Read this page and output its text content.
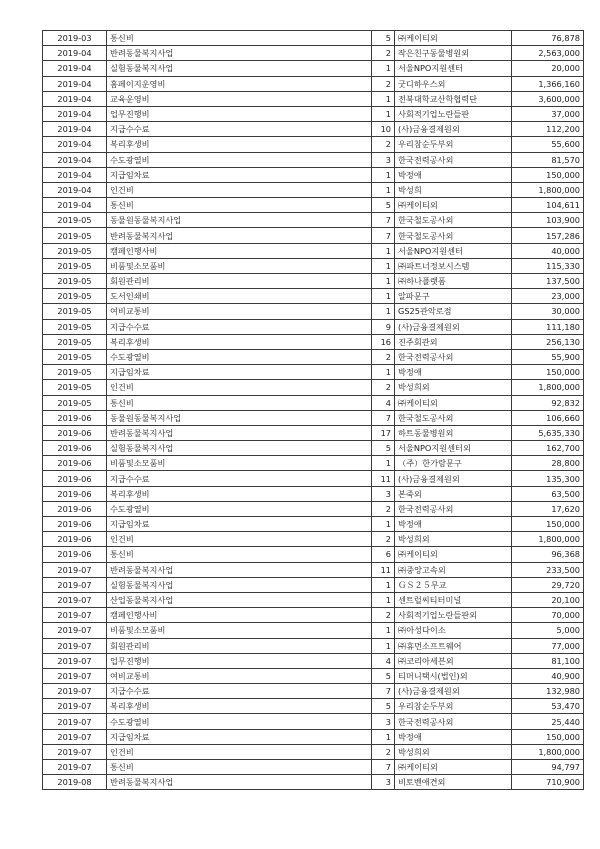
2019-03	통신비	5	㈜케이티외	76,878
2019-04	반려동물복지사업	2	작은친구동물병원외	2,563,000
2019-04	실험동물복지사업	1	서울NPO지원센터	20,000
2019-04	홈페이지운영비	2	굿디하우스외	1,366,160
2019-04	교육운영비	1	전북대학교산학협력단	3,600,000
2019-04	업무진행비	1	사회적기업노란들판	37,000
2019-04	지급수수료	10	(사)금융결제원외	112,200
2019-04	복리후생비	2	우리참순두부외	55,600
2019-04	수도광열비	3	한국전력공사외	81,570
2019-04	지급임차료	1	박정애	150,000
2019-04	인건비	1	박성희	1,800,000
2019-04	통신비	5	㈜케이티외	104,611
2019-05	동물원동물복지사업	7	한국철도공사외	103,900
2019-05	반려동물복지사업	7	한국철도공사외	157,286
2019-05	캠페인행사비	1	서울NPO지원센터	40,000
2019-05	비품및소모품비	1	㈜파트너정보시스템	115,330
2019-05	회원관리비	1	㈜하나플랫폼	137,500
2019-05	도서인쇄비	1	알파문구	23,000
2019-05	여비교통비	1	GS25관악로점	30,000
2019-05	지급수수료	9	(사)금융결제원외	111,180
2019-05	복리후생비	16	진주회관외	256,130
2019-05	수도광열비	2	한국전력공사외	55,900
2019-05	지급임차료	1	박정애	150,000
2019-05	인건비	2	박성희외	1,800,000
2019-05	통신비	4	㈜케이티외	92,832
2019-06	동물원동물복지사업	7	한국철도공사외	106,660
2019-06	반려동물복지사업	17	하트동물병원외	5,635,330
2019-06	실험동물복지사업	5	서울NPO지원센터외	162,700
2019-06	비품및소모품비	1	（주）한가람문구	28,800
2019-06	지급수수료	11	(사)금융결제원외	135,300
2019-06	복리후생비	3	본죽외	63,500
2019-06	수도광열비	2	한국전력공사외	17,620
2019-06	지급임차료	1	박정애	150,000
2019-06	인건비	2	박성희외	1,800,000
2019-06	통신비	6	㈜케이티외	96,368
2019-07	반려동물복지사업	11	㈜중앙고속외	233,500
2019-07	실험동물복지사업	1	ＧＳ２５무교	29,720
2019-07	산업동물복지사업	1	센트럴씨티터미널	20,100
2019-07	캠페인행사비	2	사회적기업노란들판외	70,000
2019-07	비품및소모품비	1	㈜아성다이소	5,000
2019-07	회원관리비	1	㈜휴먼소프트웨어	77,000
2019-07	업무진행비	4	㈜코리아세븐외	81,100
2019-07	여비교통비	5	티머니택시(법인)외	40,900
2019-07	지급수수료	7	(사)금융결제원외	132,980
2019-07	복리후생비	5	우리참순두부외	53,470
2019-07	수도광열비	3	한국전력공사외	25,440
2019-07	지급임차료	1	박정애	150,000
2019-07	인건비	2	박성희외	1,800,000
2019-07	통신비	7	㈜케이티외	94,797
2019-08	반려동물복지사업	3	비토벤애견외	710,900
